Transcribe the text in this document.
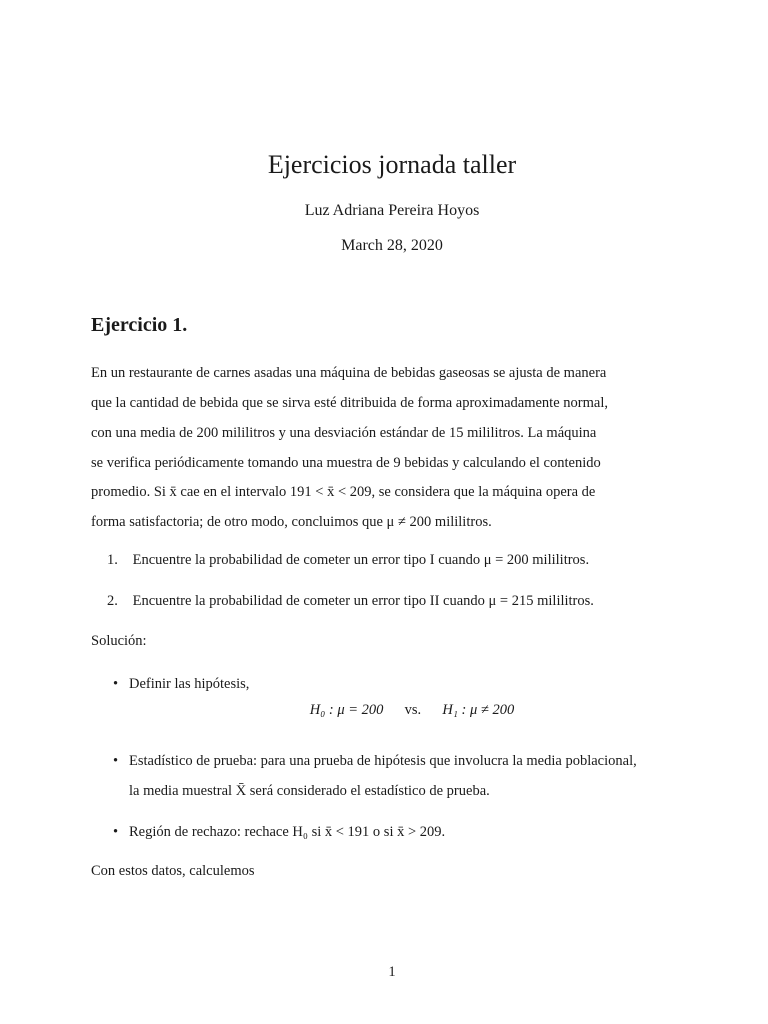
Ejercicios jornada taller
Luz Adriana Pereira Hoyos
March 28, 2020
Ejercicio 1.
En un restaurante de carnes asadas una máquina de bebidas gaseosas se ajusta de manera
que la cantidad de bebida que se sirva esté ditribuida de forma aproximadamente normal,
con una media de 200 mililitros y una desviación estándar de 15 mililitros. La máquina
se verifica periódicamente tomando una muestra de 9 bebidas y calculando el contenido
promedio. Si x̄ cae en el intervalo 191 < x̄ < 209, se considera que la máquina opera de
forma satisfactoria; de otro modo, concluimos que μ ≠ 200 mililitros.
1. Encuentre la probabilidad de cometer un error tipo I cuando μ = 200 mililitros.
2. Encuentre la probabilidad de cometer un error tipo II cuando μ = 215 mililitros.
Solución:
• Definir las hipótesis,
H₀ : μ = 200 vs. H₁ : μ ≠ 200
• Estadístico de prueba: para una prueba de hipótesis que involucra la media poblacional,
la media muestral X̄ será considerado el estadístico de prueba.
• Región de rechazo: rechace H₀ si x̄ < 191 o si x̄ > 209.
Con estos datos, calculemos
1
